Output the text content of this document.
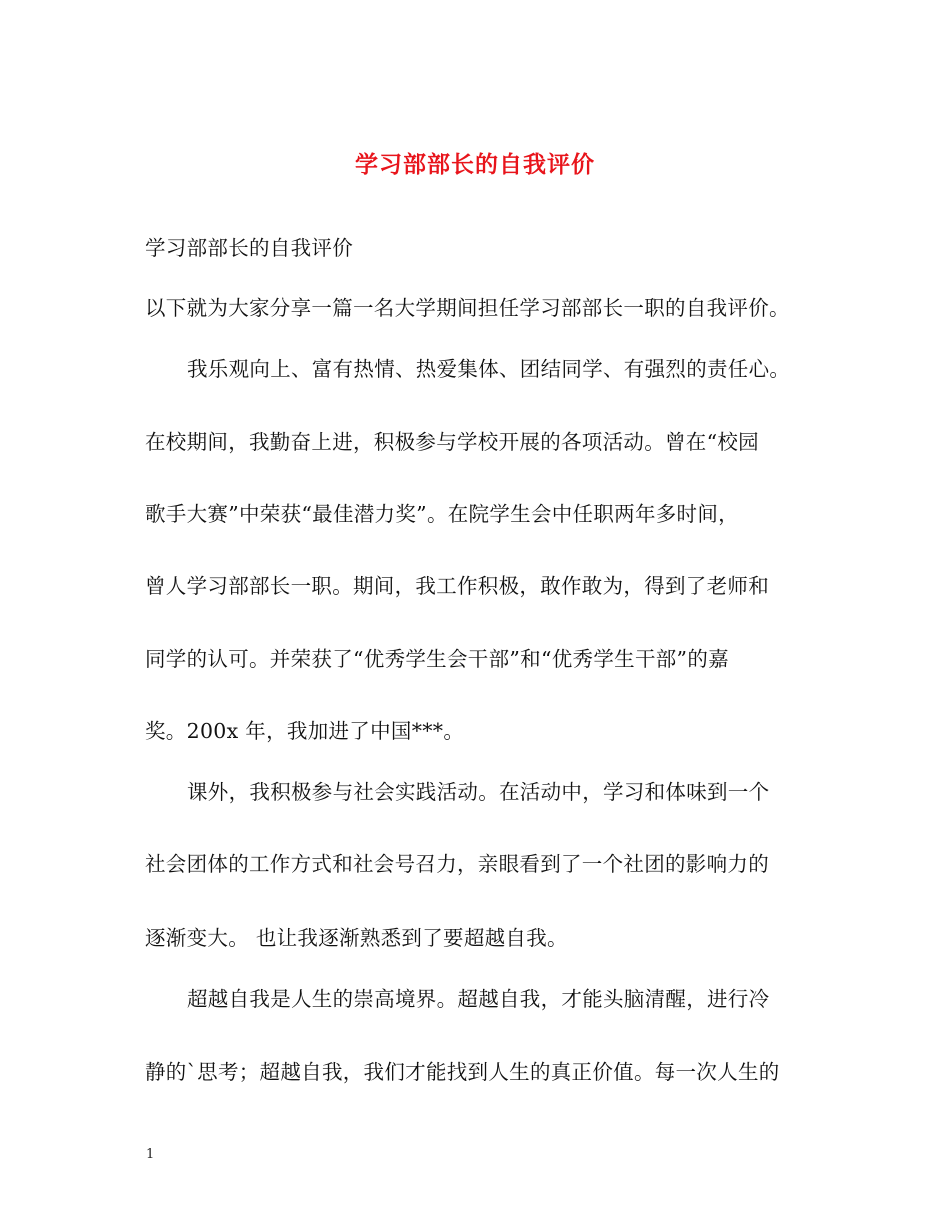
学习部部长的自我评价
学习部部长的自我评价
以下就为大家分享一篇一名大学期间担任学习部部长一职的自我评价。
我乐观向上、富有热情、热爱集体、团结同学、有强烈的责任心。
在校期间，我勤奋上进，积极参与学校开展的各项活动。曾在“校园
歌手大赛”中荣获“最佳潜力奖”。在院学生会中任职两年多时间，
曾人学习部部长一职。期间，我工作积极，敢作敢为，得到了老师和
同学的认可。并荣获了“优秀学生会干部”和“优秀学生干部”的嘉
奖。200x 年，我加进了中国***。
课外，我积极参与社会实践活动。在活动中，学习和体味到一个
社会团体的工作方式和社会号召力，亲眼看到了一个社团的影响力的
逐渐变大。 也让我逐渐熟悉到了要超越自我。
超越自我是人生的崇高境界。超越自我，才能头脑清醒，进行冷
静的`思考；超越自我，我们才能找到人生的真正价值。每一次人生的
1
